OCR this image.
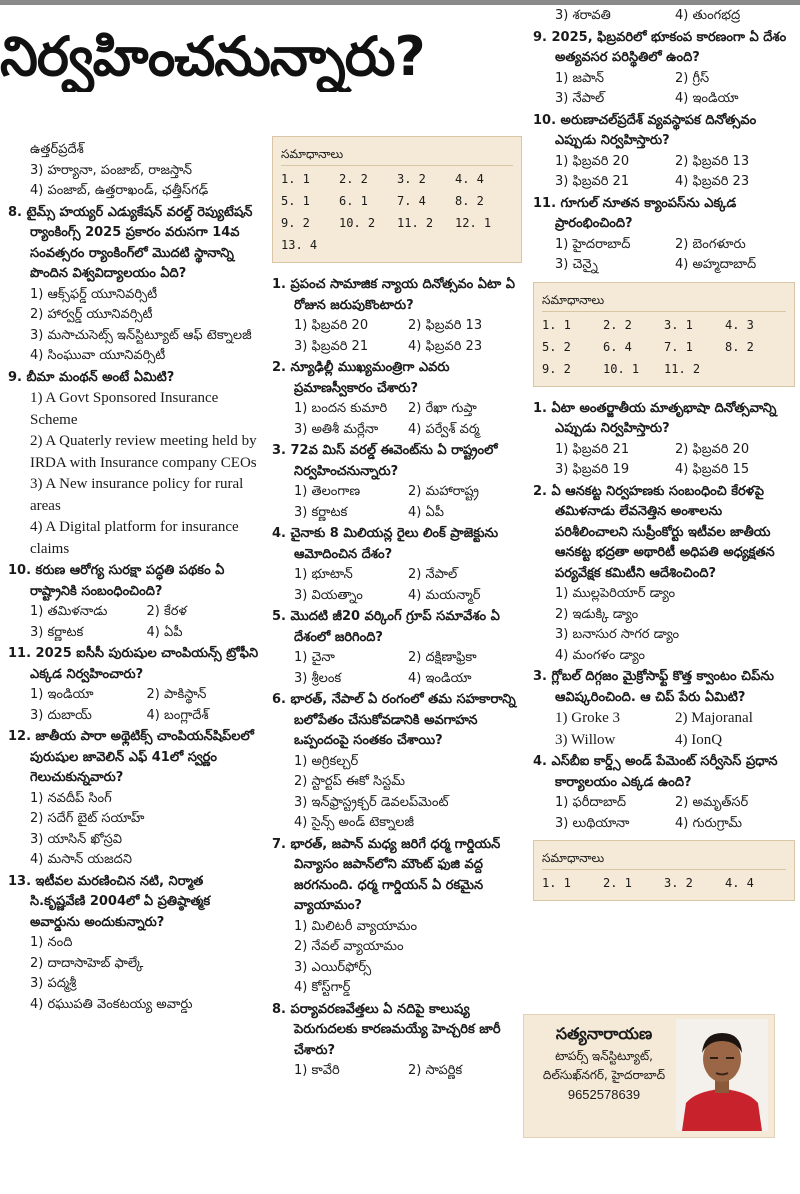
నిర్వహించనున్నారు?
ఉత్తర్‌ప్రదేశ్
3) హర్యానా, పంజాబ్, రాజస్తాన్
4) పంజాబ్, ఉత్తరాఖండ్, ఛత్తీస్‌గఢ్
8. టైమ్స్ హయ్యర్ ఎడ్యుకేషన్ వరల్డ్ రెప్యుటేషన్ ర్యాంకింగ్స్ 2025 ప్రకారం వరుసగా 14వ సంవత్సరం ర్యాంకింగ్‌లో మొదటి స్థానాన్ని పొందిన విశ్వవిద్యాలయం ఏది?
1) ఆక్స్‌ఫర్డ్ యూనివర్సిటీ
2) హార్వర్డ్ యూనివర్సిటీ
3) మసాచుసెట్స్ ఇన్‌స్టిట్యూట్ ఆఫ్ టెక్నాలజీ
4) సింఘువా యూనివర్సిటీ
9. బీమా మంథన్ అంటే ఏమిటి?
1) A Govt Sponsored Insurance Scheme
2) A Quaterly review meeting held by IRDA with Insurance company CEOs
3) A New insurance policy for rural areas
4) A Digital platform for insurance claims
10. కరుణ ఆరోగ్య సురక్షా పద్ధతి పథకం ఏ రాష్ట్రానికి సంబంధించింది?
1) తమిళనాడు	2) కేరళ
3) కర్ణాటక	4) ఏపీ
11. 2025 ఐసీసీ పురుషుల చాంపియన్స్ ట్రోఫీని ఎక్కడ నిర్వహించారు?
1) ఇండియా	2) పాకిస్థాన్
3) దుబాయ్	4) బంగ్లాదేశ్
12. జాతీయ పారా అథ్లెటిక్స్ చాంపియన్‌షిప్‌లలో పురుషుల జావెలిన్ ఎఫ్ 41లో స్వర్ణం గెలుచుకున్నవారు?
1) నవదీప్ సింగ్
2) సదేగ్ బైట్ సయాహ్
3) యాసిన్ ఖోస్రవి
4) మసాన్ యజదని
13. ఇటీవల మరణించిన నటి, నిర్మాత సి.కృష్ణవేణి 2004లో ఏ ప్రతిష్ఠాత్మక అవార్డును అందుకున్నారు?
1) నంది
2) దాదాసాహెబ్ ఫాల్కే
3) పద్మశ్రీ
4) రఘుపతి వెంకటయ్య అవార్డు
సమాధానాలు
1. 1	2. 2	3. 2	4. 4
5. 1	6. 1	7. 4	8. 2
9. 2	10. 2	11. 2	12. 1
13. 4
1. ప్రపంచ సామాజిక న్యాయ దినోత్సవం ఏటా ఏ రోజున జరుపుకొంటారు?
1) ఫిబ్రవరి 20	2) ఫిబ్రవరి 13
3) ఫిబ్రవరి 21	4) ఫిబ్రవరి 23
2. న్యూఢిల్లీ ముఖ్యమంత్రిగా ఎవరు ప్రమాణస్వీకారం చేశారు?
1) బందన కుమారి	2) రేఖా గుప్తా
3) అతిశీ మర్లేనా	4) పర్వేశ్ వర్మ
3. 72వ మిస్ వరల్డ్ ఈవెంట్‌ను ఏ రాష్ట్రంలో నిర్వహించనున్నారు?
1) తెలంగాణ	2) మహారాష్ట్ర
3) కర్ణాటక	4) ఏపీ
4. చైనాకు 8 మిలియన్ల రైలు లింక్ ప్రాజెక్టును ఆమోదించిన దేశం?
1) భూటాన్	2) నేపాల్
3) వియత్నాం	4) మయన్మార్
5. మొదటి జీ20 వర్కింగ్ గ్రూప్ సమావేశం ఏ దేశంలో జరిగింది?
1) చైనా	2) దక్షిణాఫ్రికా
3) శ్రీలంక	4) ఇండియా
6. భారత్, నేపాల్ ఏ రంగంలో తమ సహకారాన్ని బలోపేతం చేసుకోవడానికి అవగాహన ఒప్పందంపై సంతకం చేశాయి?
1) అగ్రికల్చర్
2) స్టార్టప్ ఈకో సిస్టమ్
3) ఇన్‌ఫ్రాస్ట్రక్చర్ డెవలప్‌మెంట్
4) సైన్స్ అండ్ టెక్నాలజీ
7. భారత్, జపాన్ మధ్య జరిగే ధర్మ గార్డియన్ విన్యాసం జపాన్‌లోని మౌంట్ ఫుజి వద్ద జరగనుంది. ధర్మ గార్డియన్ ఏ రకమైన వ్యాయామం?
1) మిలిటరీ వ్యాయామం
2) నేవల్ వ్యాయామం
3) ఎయిర్‌ఫోర్స్
4) కోస్ట్‌గార్డ్
8. పర్యావరణవేత్తలు ఏ నదిపై కాలుష్య పెరుగుదలకు కారణమయ్యే హెచ్చరిక జారీ చేశారు?
1) కావేరి	2) సాపర్ణిక
3) శరావతి	4) తుంగభద్ర
9. 2025, ఫిబ్రవరిలో భూకంప కారణంగా ఏ దేశం అత్యవసర పరిస్థితిలో ఉంది?
1) జపాన్	2) గ్రీస్
3) నేపాల్	4) ఇండియా
10. అరుణాచల్‌ప్రదేశ్ వ్యవస్థాపక దినోత్సవం ఎప్పుడు నిర్వహిస్తారు?
1) ఫిబ్రవరి 20	2) ఫిబ్రవరి 13
3) ఫిబ్రవరి 21	4) ఫిబ్రవరి 23
11. గూగుల్ నూతన క్యాంపస్‌ను ఎక్కడ ప్రారంభించింది?
1) హైదరాబాద్	2) బెంగళూరు
3) చెన్నై	4) అహ్మదాబాద్
సమాధానాలు
1. 1	2. 2	3. 1	4. 3
5. 2	6. 4	7. 1	8. 2
9. 2	10. 1	11. 2
1. ఏటా అంతర్జాతీయ మాతృభాషా దినోత్సవాన్ని ఎప్పుడు నిర్వహిస్తారు?
1) ఫిబ్రవరి 21	2) ఫిబ్రవరి 20
3) ఫిబ్రవరి 19	4) ఫిబ్రవరి 15
2. ఏ ఆనకట్ట నిర్వహణకు సంబంధించి కేరళపై తమిళనాడు లేవనెత్తిన అంశాలను పరిశీలించాలని సుప్రీంకోర్టు ఇటీవల జాతీయ ఆనకట్ట భద్రతా అథారిటీ అధిపతి అధ్యక్షతన పర్యవేక్షక కమిటీని ఆదేశించింది?
1) ముల్లపెరియార్ డ్యాం
2) ఇడుక్కి డ్యాం
3) బనాసుర సాగర డ్యాం
4) మంగళం డ్యాం
3. గ్లోబల్ దిగ్గజం మైక్రోసాఫ్ట్ కొత్త క్వాంటం చిప్‌ను ఆవిష్కరించింది. ఆ చిప్ పేరు ఏమిటి?
1) Groke 3	2) Majoranal
3) Willow	4) IonQ
4. ఎస్‌బీఐ కార్డ్స్ అండ్ పేమెంట్ సర్వీసెస్ ప్రధాన కార్యాలయం ఎక్కడ ఉంది?
1) ఫరీదాబాద్	2) అమృత్‌సర్
3) లుథియానా	4) గురుగ్రామ్
సమాధానాలు
1. 1	2. 1	3. 2	4. 4
సత్యనారాయణ
టాపర్స్ ఇన్‌స్టిట్యూట్,
దిల్‌సుఖ్‌నగర్, హైదరాబాద్
9652578639
